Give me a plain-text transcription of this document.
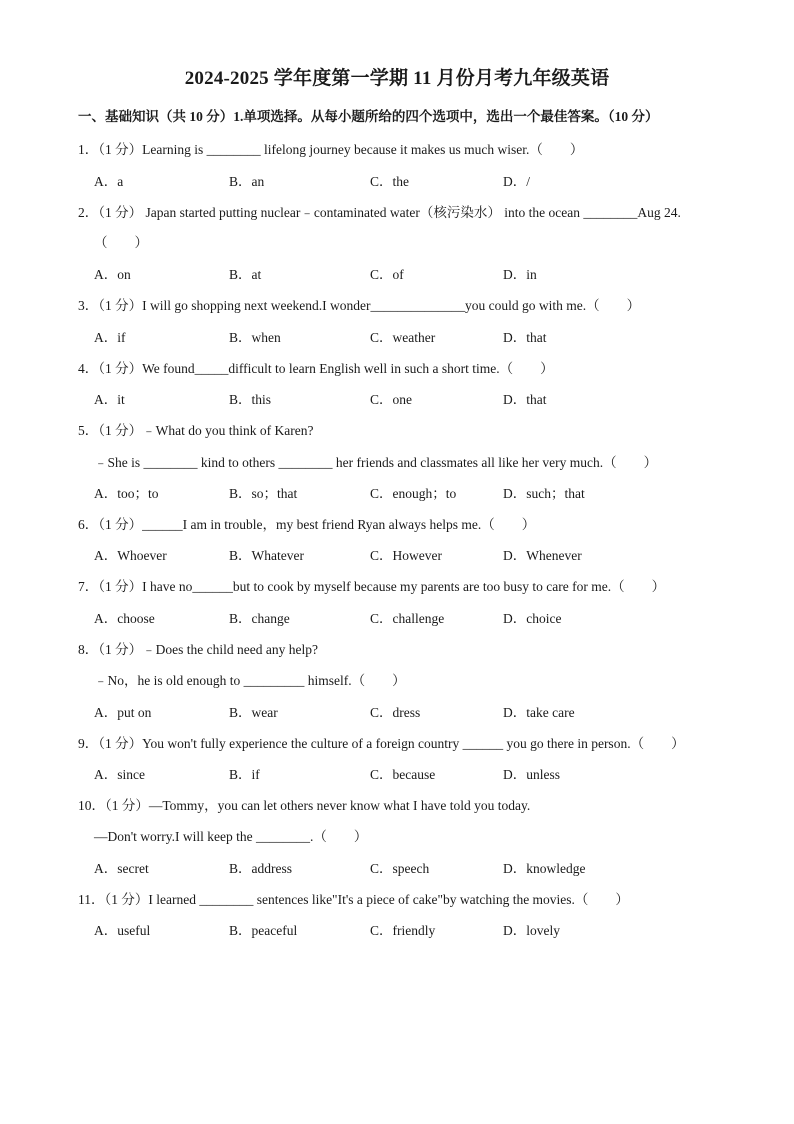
2024-2025 学年度第一学期 11 月份月考九年级英语
一、基础知识（共 10 分）1.单项选择。从每小题所给的四个选项中，选出一个最佳答案。（10 分）
1．（1 分）Learning is ________ lifelong journey because it makes us much wiser.（　　）
A．a	B．an	C．the	D．/
2．（1 分） Japan started putting nuclear﹣contaminated water（核污染水） into the ocean ________Aug 24.
（　　）
A．on	B．at	C．of	D．in
3．（1 分）I will go shopping next weekend.I wonder______________you could go with me.（　　）
A．if	B．when	C．weather	D．that
4．（1 分）We found_____difficult to learn English well in such a short time.（　　）
A．it	B．this	C．one	D．that
5．（1 分）﹣What do you think of Karen?
﹣She is ________ kind to others ________ her friends and classmates all like her very much.（　　）
A．too；to	B．so；that	C．enough；to	D．such；that
6．（1 分）______I am in trouble，my best friend Ryan always helps me.（　　）
A．Whoever	B．Whatever	C．However	D．Whenever
7．（1 分）I have no______but to cook by myself because my parents are too busy to care for me.（　　）
A．choose	B．change	C．challenge	D．choice
8．（1 分）﹣Does the child need any help?
﹣No，he is old enough to _________ himself.（　　）
A．put on	B．wear	C．dress	D．take care
9．（1 分）You won't fully experience the culture of a foreign country ______ you go there in person.（　　）
A．since	B．if	C．because	D．unless
10．（1 分）—Tommy，you can let others never know what I have told you today.
—Don't worry.I will keep the ________.（　　）
A．secret	B．address	C．speech	D．knowledge
11．（1 分）I learned ________ sentences like"It's a piece of cake"by watching the movies.（　　）
A．useful	B．peaceful	C．friendly	D．lovely
